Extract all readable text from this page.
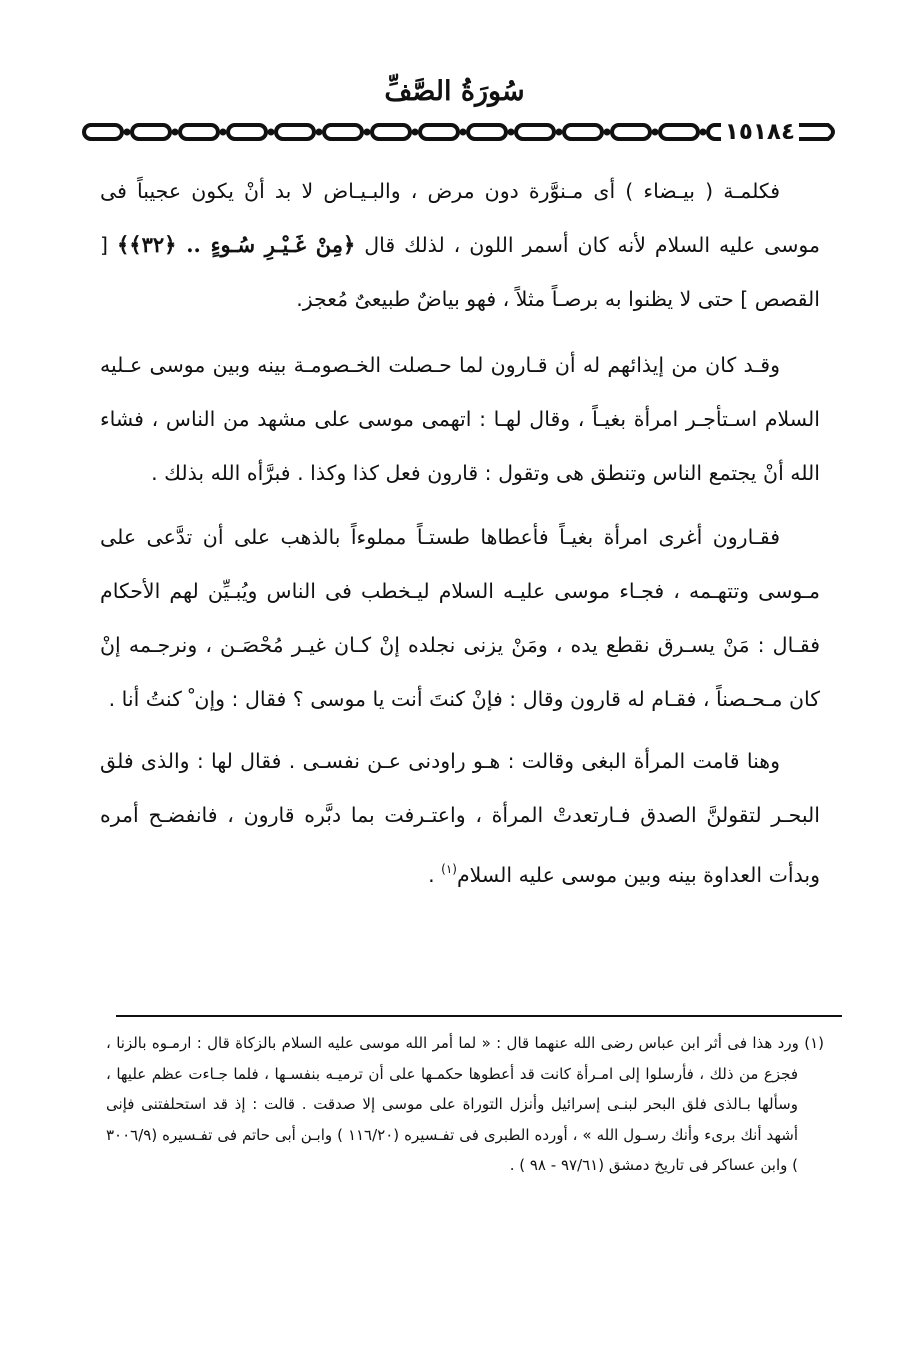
سُورَةُ الصَّفِّ
١٥١٨٤

فكلمـة ( بيـضاء ) أى مـنوَّرة دون مرض ، والبـيـاض لا بد أنْ يكون عجيباً فى موسى عليه السلام لأنه كان أسمر اللون ، لذلك قال ﴿مِنْ غَـيْـرِ سُـوءٍ .. ﴿٣٢﴾﴾ [ القصص ] حتى لا يظنوا به برصـاً مثلاً ، فهو بياضٌ طبيعىٌ مُعجز.

وقـد كان من إيذائهم له أن قـارون لما حـصلت الخـصومـة بينه وبين موسى عـليه السلام اسـتأجـر امرأة بغيـاً ، وقال لهـا : اتهمى موسى على مشهد من الناس ، فشاء الله أنْ يجتمع الناس وتنطق هى وتقول : قارون فعل كذا وكذا . فبرَّأه الله بذلك .

فقـارون أغرى امرأة بغيـاً فأعطاها طستـاً مملوءاً بالذهب على أن تدَّعى على مـوسى وتتهـمه ، فجـاء موسى عليـه السلام ليـخطب فى الناس ويُبـيِّن لهم الأحكام فقـال : مَنْ يسـرق نقطع يده ، ومَنْ يزنى نجلده إنْ كـان غيـر مُحْصَـن ، ونرجـمه إنْ كان مـحـصناً ، فقـام له قارون وقال : فإنْ كنتَ أنت يا موسى ؟ فقال : وإن ْ كنتُ أنا .

وهنا قامت المرأة البغى وقالت : هـو راودنى عـن نفسـى . فقال لها : والذى فلق البحـر لتقولنَّ الصدق فـارتعدتْ المرأة ، واعتـرفت بما دبَّره قارون ، فانفضـح أمره وبدأت العداوة بينه وبين موسى عليه السلام$^{(١)}$ .

(١) ورد هذا فى أثر ابن عباس رضى الله عنهما قال : « لما أمر الله موسى عليه السلام بالزكاة قال : ارمـوه بالزنا ، فجزع من ذلك ، فأرسلوا إلى امـرأة كانت قد أعطوها حكمـها على أن ترميـه بنفسـها ، فلما جـاءت عظم عليها ، وسألها بـالذى فلق البحر لبنـى إسرائيل وأنزل التوراة على موسى إلا صدقت . قالت : إذ قد استحلفتنى فإنى أشهد أنك برىء وأنك رسـول الله » ، أورده الطبرى فى تفـسيره (١١٦/٢٠ ) وابـن أبى حاتم فى تفـسيره (٣٠٠٦/٩ ) وابن عساكر فى تاريخ دمشق (٩٧/٦١ - ٩٨ ) .
